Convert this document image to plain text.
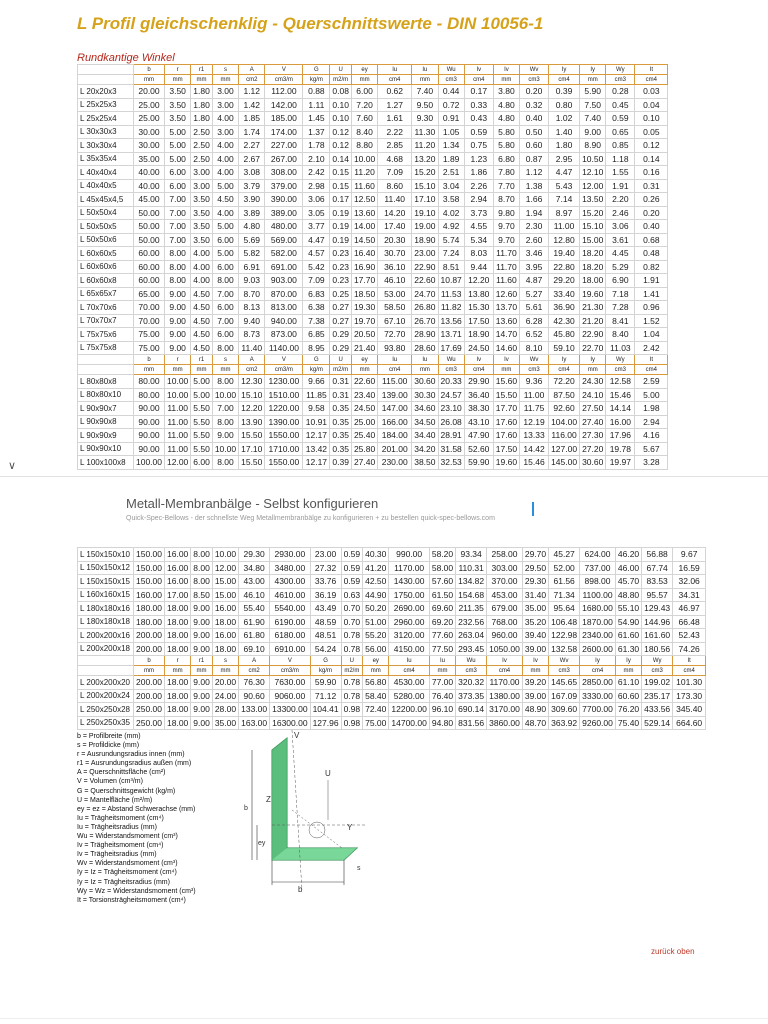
L Profil gleichschenklig - Querschnittswerte - DIN 10056-1
Rundkantige Winkel
	b	r	r1	s	A	V	G	U	ey	Iu	Iu	Wu	Iv	Iv	Wv	Iy	Iy	Wy	It
	mm	mm	mm	mm	cm2	cm3/m	kg/m	m2/m	mm	cm4	mm	cm3	cm4	mm	cm3	cm4	mm	cm3	cm4
L 20x20x3	20.00	3.50	1.80	3.00	1.12	112.00	0.88	0.08	6.00	0.62	7.40	0.44	0.17	3.80	0.20	0.39	5.90	0.28	0.03
L 25x25x3	25.00	3.50	1.80	3.00	1.42	142.00	1.11	0.10	7.20	1.27	9.50	0.72	0.33	4.80	0.32	0.80	7.50	0.45	0.04
L 25x25x4	25.00	3.50	1.80	4.00	1.85	185.00	1.45	0.10	7.60	1.61	9.30	0.91	0.43	4.80	0.40	1.02	7.40	0.59	0.10
L 30x30x3	30.00	5.00	2.50	3.00	1.74	174.00	1.37	0.12	8.40	2.22	11.30	1.05	0.59	5.80	0.50	1.40	9.00	0.65	0.05
L 30x30x4	30.00	5.00	2.50	4.00	2.27	227.00	1.78	0.12	8.80	2.85	11.20	1.34	0.75	5.80	0.60	1.80	8.90	0.85	0.12
L 35x35x4	35.00	5.00	2.50	4.00	2.67	267.00	2.10	0.14	10.00	4.68	13.20	1.89	1.23	6.80	0.87	2.95	10.50	1.18	0.14
L 40x40x4	40.00	6.00	3.00	4.00	3.08	308.00	2.42	0.15	11.20	7.09	15.20	2.51	1.86	7.80	1.12	4.47	12.10	1.55	0.16
L 40x40x5	40.00	6.00	3.00	5.00	3.79	379.00	2.98	0.15	11.60	8.60	15.10	3.04	2.26	7.70	1.38	5.43	12.00	1.91	0.31
L 45x45x4,5	45.00	7.00	3.50	4.50	3.90	390.00	3.06	0.17	12.50	11.40	17.10	3.58	2.94	8.70	1.66	7.14	13.50	2.20	0.26
L 50x50x4	50.00	7.00	3.50	4.00	3.89	389.00	3.05	0.19	13.60	14.20	19.10	4.02	3.73	9.80	1.94	8.97	15.20	2.46	0.20
L 50x50x5	50.00	7.00	3.50	5.00	4.80	480.00	3.77	0.19	14.00	17.40	19.00	4.92	4.55	9.70	2.30	11.00	15.10	3.06	0.40
L 50x50x6	50.00	7.00	3.50	6.00	5.69	569.00	4.47	0.19	14.50	20.30	18.90	5.74	5.34	9.70	2.60	12.80	15.00	3.61	0.68
L 60x60x5	60.00	8.00	4.00	5.00	5.82	582.00	4.57	0.23	16.40	30.70	23.00	7.24	8.03	11.70	3.46	19.40	18.20	4.45	0.48
L 60x60x6	60.00	8.00	4.00	6.00	6.91	691.00	5.42	0.23	16.90	36.10	22.90	8.51	9.44	11.70	3.95	22.80	18.20	5.29	0.82
L 60x60x8	60.00	8.00	4.00	8.00	9.03	903.00	7.09	0.23	17.70	46.10	22.60	10.87	12.20	11.60	4.87	29.20	18.00	6.90	1.91
L 65x65x7	65.00	9.00	4.50	7.00	8.70	870.00	6.83	0.25	18.50	53.00	24.70	11.53	13.80	12.60	5.27	33.40	19.60	7.18	1.41
L 70x70x6	70.00	9.00	4.50	6.00	8.13	813.00	6.38	0.27	19.30	58.50	26.80	11.82	15.30	13.70	5.61	36.90	21.30	7.28	0.96
L 70x70x7	70.00	9.00	4.50	7.00	9.40	940.00	7.38	0.27	19.70	67.10	26.70	13.56	17.50	13.60	6.28	42.30	21.20	8.41	1.52
L 75x75x6	75.00	9.00	4.50	6.00	8.73	873.00	6.85	0.29	20.50	72.70	28.90	13.71	18.90	14.70	6.52	45.80	22.90	8.40	1.04
L 75x75x8	75.00	9.00	4.50	8.00	11.40	1140.00	8.95	0.29	21.40	93.80	28.60	17.69	24.50	14.60	8.10	59.10	22.70	11.03	2.42
	b	r	r1	s	A	V	G	U	ey	Iu	Iu	Wu	Iv	Iv	Wv	Iy	Iy	Wy	It
	mm	mm	mm	mm	cm2	cm3/m	kg/m	m2/m	mm	cm4	mm	cm3	cm4	mm	cm3	cm4	mm	cm3	cm4
L 80x80x8	80.00	10.00	5.00	8.00	12.30	1230.00	9.66	0.31	22.60	115.00	30.60	20.33	29.90	15.60	9.36	72.20	24.30	12.58	2.59
L 80x80x10	80.00	10.00	5.00	10.00	15.10	1510.00	11.85	0.31	23.40	139.00	30.30	24.57	36.40	15.50	11.00	87.50	24.10	15.46	5.00
L 90x90x7	90.00	11.00	5.50	7.00	12.20	1220.00	9.58	0.35	24.50	147.00	34.60	23.10	38.30	17.70	11.75	92.60	27.50	14.14	1.98
L 90x90x8	90.00	11.00	5.50	8.00	13.90	1390.00	10.91	0.35	25.00	166.00	34.50	26.08	43.10	17.60	12.19	104.00	27.40	16.00	2.94
L 90x90x9	90.00	11.00	5.50	9.00	15.50	1550.00	12.17	0.35	25.40	184.00	34.40	28.91	47.90	17.60	13.33	116.00	27.30	17.96	4.16
L 90x90x10	90.00	11.00	5.50	10.00	17.10	1710.00	13.42	0.35	25.80	201.00	34.20	31.58	52.60	17.50	14.42	127.00	27.20	19.78	5.67
L 100x100x8	100.00	12.00	6.00	8.00	15.50	1550.00	12.17	0.39	27.40	230.00	38.50	32.53	59.90	19.60	15.46	145.00	30.60	19.97	3.28
∨
Metall-Membranbälge - Selbst konfigurieren
Quick-Spec-Bellows - der schnellste Weg Metallmembranbälge zu konfigurieren + zu bestellen quick-spec-bellows.com
L 150x150x10	150.00	16.00	8.00	10.00	29.30	2930.00	23.00	0.59	40.30	990.00	58.20	93.34	258.00	29.70	45.27	624.00	46.20	56.88	9.67
L 150x150x12	150.00	16.00	8.00	12.00	34.80	3480.00	27.32	0.59	41.20	1170.00	58.00	110.31	303.00	29.50	52.00	737.00	46.00	67.74	16.59
L 150x150x15	150.00	16.00	8.00	15.00	43.00	4300.00	33.76	0.59	42.50	1430.00	57.60	134.82	370.00	29.30	61.56	898.00	45.70	83.53	32.06
L 160x160x15	160.00	17.00	8.50	15.00	46.10	4610.00	36.19	0.63	44.90	1750.00	61.50	154.68	453.00	31.40	71.34	1100.00	48.80	95.57	34.31
L 180x180x16	180.00	18.00	9.00	16.00	55.40	5540.00	43.49	0.70	50.20	2690.00	69.60	211.35	679.00	35.00	95.64	1680.00	55.10	129.43	46.97
L 180x180x18	180.00	18.00	9.00	18.00	61.90	6190.00	48.59	0.70	51.00	2960.00	69.20	232.56	768.00	35.20	106.48	1870.00	54.90	144.96	66.48
L 200x200x16	200.00	18.00	9.00	16.00	61.80	6180.00	48.51	0.78	55.20	3120.00	77.60	263.04	960.00	39.40	122.98	2340.00	61.60	161.60	52.43
L 200x200x18	200.00	18.00	9.00	18.00	69.10	6910.00	54.24	0.78	56.00	4150.00	77.50	293.45	1050.00	39.00	132.58	2600.00	61.30	180.56	74.26
	b	r	r1	s	A	V	G	U	ey	Iu	Iu	Wu	Iv	Iv	Wv	Iy	Iy	Wy	It
	mm	mm	mm	mm	cm2	cm3/m	kg/m	m2/m	mm	cm4	mm	cm3	cm4	mm	cm3	cm4	mm	cm3	cm4
L 200x200x20	200.00	18.00	9.00	20.00	76.30	7630.00	59.90	0.78	56.80	4530.00	77.00	320.32	1170.00	39.20	145.65	2850.00	61.10	199.02	101.30
L 200x200x24	200.00	18.00	9.00	24.00	90.60	9060.00	71.12	0.78	58.40	5280.00	76.40	373.35	1380.00	39.00	167.09	3330.00	60.60	235.17	173.30
L 250x250x28	250.00	18.00	9.00	28.00	133.00	13300.00	104.41	0.98	72.40	12200.00	96.10	690.14	3170.00	48.90	309.60	7700.00	76.20	433.56	345.40
L 250x250x35	250.00	18.00	9.00	35.00	163.00	16300.00	127.96	0.98	75.00	14700.00	94.80	831.56	3860.00	48.70	363.92	9260.00	75.40	529.14	664.60
b = Profilbreite (mm)
s = Profildicke (mm)
r = Ausrundungsradius innen (mm)
r1 = Ausrundungsradius außen (mm)
A = Querschnittsfläche (cm²)
V = Volumen (cm³/m)
G = Querschnittsgewicht (kg/m)
U = Mantelfläche (m²/m)
ey = ez = Abstand Schwerachse (mm)
Iu = Trägheitsmoment (cm⁴)
Iu = Trägheitsradius (mm)
Wu = Widerstandsmoment (cm³)
Iv = Trägheitsmoment (cm⁴)
Iv = Trägheitsradius (mm)
Wv = Widerstandsmoment (cm³)
Iy = Iz = Trägheitsmoment (cm⁴)
Iy = Iz = Trägheitsradius (mm)
Wy = Wz = Widerstandsmoment (cm³)
It = Torsionsträgheitsmoment (cm⁴)
V
U
Y
Z
b
b
ey
s
zurück oben
